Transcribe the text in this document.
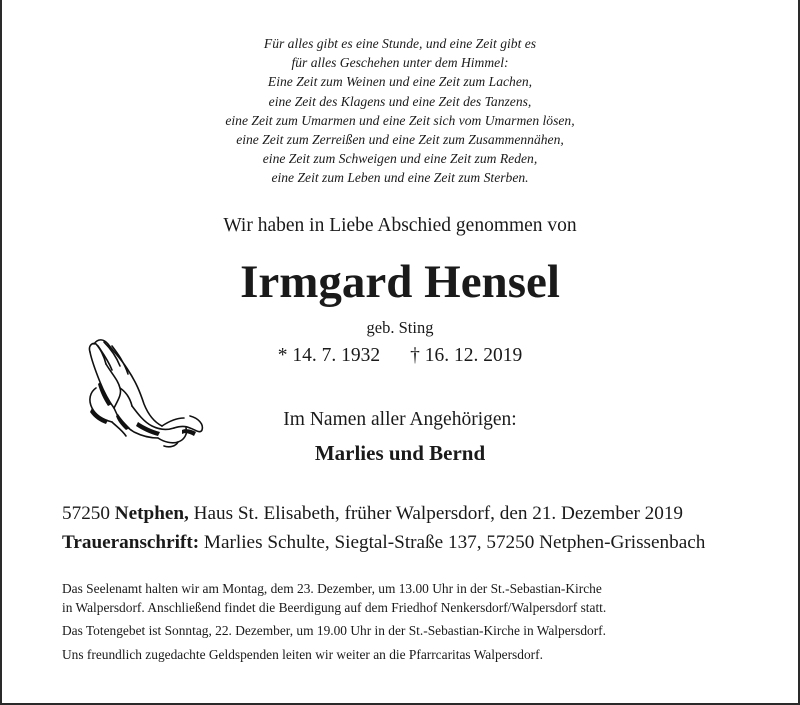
Für alles gibt es eine Stunde, und eine Zeit gibt es
für alles Geschehen unter dem Himmel:
Eine Zeit zum Weinen und eine Zeit zum Lachen,
eine Zeit des Klagens und eine Zeit des Tanzens,
eine Zeit zum Umarmen und eine Zeit sich vom Umarmen lösen,
eine Zeit zum Zerreißen und eine Zeit zum Zusammennähen,
eine Zeit zum Schweigen und eine Zeit zum Reden,
eine Zeit zum Leben und eine Zeit zum Sterben.
Wir haben in Liebe Abschied genommen von
Irmgard Hensel
geb. Sting
* 14. 7. 1932 † 16. 12. 2019
Im Namen aller Angehörigen:
Marlies und Bernd
57250 Netphen, Haus St. Elisabeth, früher Walpersdorf, den 21. Dezember 2019
Traueranschrift: Marlies Schulte, Siegtal-Straße 137, 57250 Netphen-Grissenbach
Das Seelenamt halten wir am Montag, dem 23. Dezember, um 13.00 Uhr in der St.-Sebastian-Kirche
in Walpersdorf. Anschließend findet die Beerdigung auf dem Friedhof Nenkersdorf/Walpersdorf statt.
Das Totengebet ist Sonntag, 22. Dezember, um 19.00 Uhr in der St.-Sebastian-Kirche in Walpersdorf.
Uns freundlich zugedachte Geldspenden leiten wir weiter an die Pfarrcaritas Walpersdorf.
